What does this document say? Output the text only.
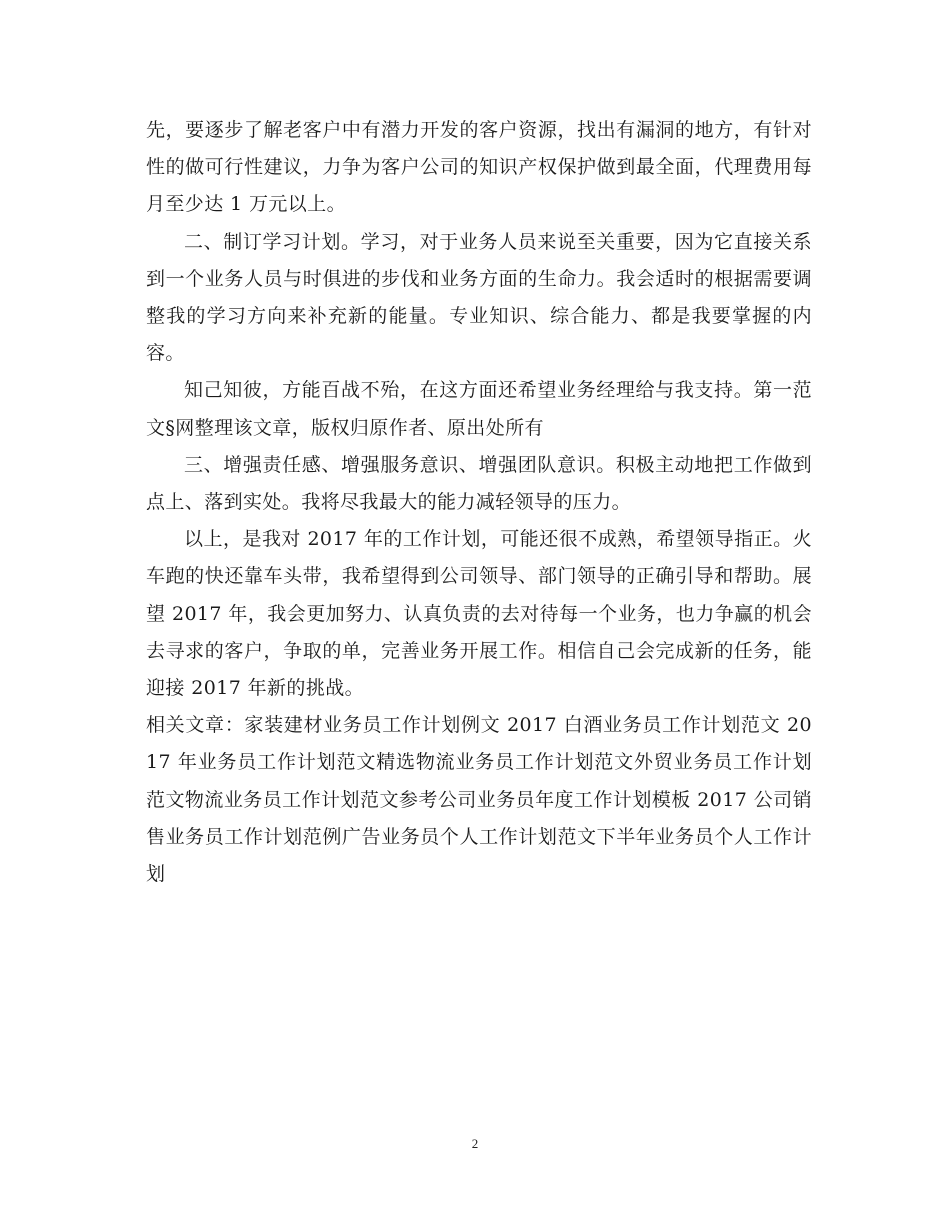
先，要逐步了解老客户中有潜力开发的客户资源，找出有漏洞的地方，有针对性的做可行性建议，力争为客户公司的知识产权保护做到最全面，代理费用每月至少达 1 万元以上。

二、制订学习计划。学习，对于业务人员来说至关重要，因为它直接关系到一个业务人员与时俱进的步伐和业务方面的生命力。我会适时的根据需要调整我的学习方向来补充新的能量。专业知识、综合能力、都是我要掌握的内容。

知己知彼，方能百战不殆，在这方面还希望业务经理给与我支持。第一范文§网整理该文章，版权归原作者、原出处所有

三、增强责任感、增强服务意识、增强团队意识。积极主动地把工作做到点上、落到实处。我将尽我最大的能力减轻领导的压力。

以上，是我对 2017 年的工作计划，可能还很不成熟，希望领导指正。火车跑的快还靠车头带，我希望得到公司领导、部门领导的正确引导和帮助。展望 2017 年，我会更加努力、认真负责的去对待每一个业务，也力争赢的机会去寻求的客户，争取的单，完善业务开展工作。相信自己会完成新的任务，能迎接 2017 年新的挑战。

相关文章：家装建材业务员工作计划例文 2017 白酒业务员工作计划范文 2017 年业务员工作计划范文精选物流业务员工作计划范文外贸业务员工作计划范文物流业务员工作计划范文参考公司业务员年度工作计划模板 2017 公司销售业务员工作计划范例广告业务员个人工作计划范文下半年业务员个人工作计划

2
